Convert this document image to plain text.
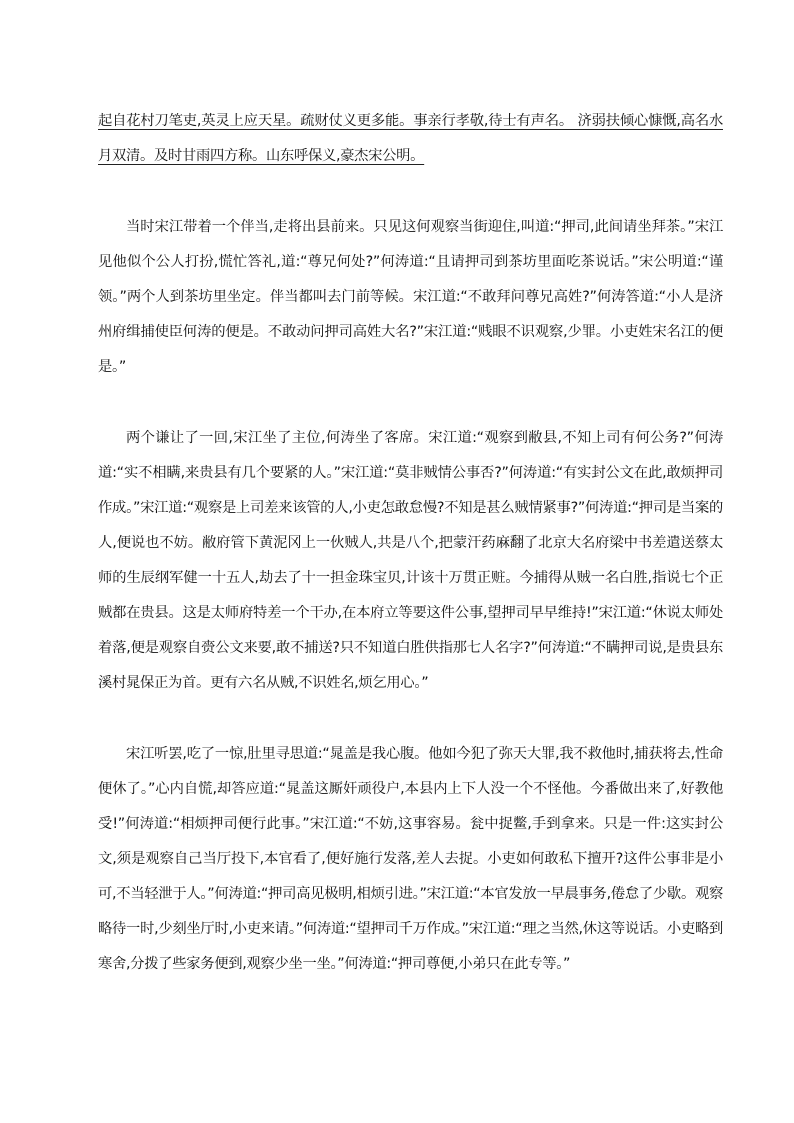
起自花村刀笔吏,英灵上应天星。疏财仗义更多能。事亲行孝敬,待士有声名。 济弱扶倾心慷慨,高名水月双清。及时甘雨四方称。山东呼保义,豪杰宋公明。

当时宋江带着一个伴当,走将出县前来。只见这何观察当街迎住,叫道:“押司,此间请坐拜茶。”宋江见他似个公人打扮,慌忙答礼,道:“尊兄何处?”何涛道:“且请押司到茶坊里面吃茶说话。”宋公明道:“谨领。”两个人到茶坊里坐定。伴当都叫去门前等候。宋江道:“不敢拜问尊兄高姓?”何涛答道:“小人是济州府缉捕使臣何涛的便是。不敢动问押司高姓大名?”宋江道:“贱眼不识观察,少罪。小吏姓宋名江的便是。”

两个谦让了一回,宋江坐了主位,何涛坐了客席。宋江道:“观察到敝县,不知上司有何公务?”何涛道:“实不相瞒,来贵县有几个要紧的人。”宋江道:“莫非贼情公事否?”何涛道:“有实封公文在此,敢烦押司作成。”宋江道:“观察是上司差来该管的人,小吏怎敢怠慢?不知是甚么贼情紧事?”何涛道:“押司是当案的人,便说也不妨。敝府管下黄泥冈上一伙贼人,共是八个,把蒙汗药麻翻了北京大名府梁中书差遣送蔡太师的生辰纲军健一十五人,劫去了十一担金珠宝贝,计该十万贯正赃。今捕得从贼一名白胜,指说七个正贼都在贵县。这是太师府特差一个干办,在本府立等要这件公事,望押司早早维持!”宋江道:“休说太师处着落,便是观察自赍公文来要,敢不捕送?只不知道白胜供指那七人名字?”何涛道:“不瞒押司说,是贵县东溪村晁保正为首。更有六名从贼,不识姓名,烦乞用心。”

宋江听罢,吃了一惊,肚里寻思道:“晁盖是我心腹。他如今犯了弥天大罪,我不救他时,捕获将去,性命便休了。”心内自慌,却答应道:“晁盖这厮奸顽役户,本县内上下人没一个不怪他。今番做出来了,好教他受!”何涛道:“相烦押司便行此事。”宋江道:“不妨,这事容易。瓮中捉鳖,手到拿来。只是一件:这实封公文,须是观察自己当厅投下,本官看了,便好施行发落,差人去捉。小吏如何敢私下擅开?这件公事非是小可,不当轻泄于人。”何涛道:“押司高见极明,相烦引进。”宋江道:“本官发放一早晨事务,倦怠了少歇。观察略待一时,少刻坐厅时,小吏来请。”何涛道:“望押司千万作成。”宋江道:“理之当然,休这等说话。小吏略到寒舍,分拨了些家务便到,观察少坐一坐。”何涛道:“押司尊便,小弟只在此专等。”
